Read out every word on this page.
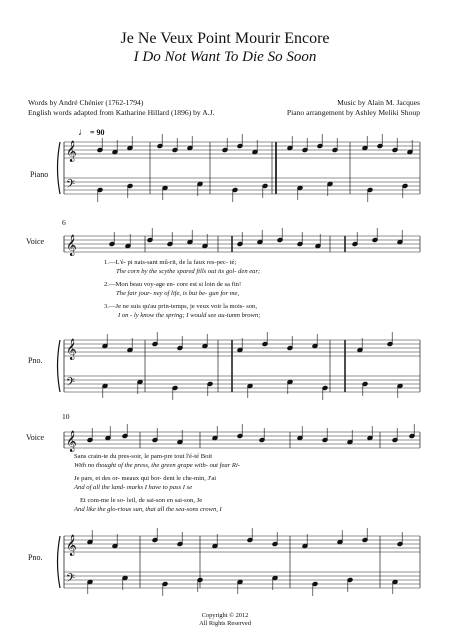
Je Ne Veux Point Mourir Encore
I Do Not Want To Die So Soon
Words by André Chénier (1762-1794)
English words adapted from Katharine Hillard (1896) by A.J.
Music by Alain M. Jacques
Piano arrangement by Ashley Meliki Shoup
♩ = 90
Piano
Voice
Pno.
Voice
Pno.
6
10
1.—L'é- pi nais-sant mû-rit, de la faux res-pec- té;
The corn by the scythe spared fills out its gol- den ear;
2.—Mon beau voy-age en- core est si loin de sa fin!
The fair jour- ney of life, is but be- gun for me,
3.—Je ne suis qu'au prin-temps, je veux voir la mois- son,
I on - ly know the spring; I would see au-tumn brown;
Sans crain-te du pres-soir, le pam-pre tout l'é-té Boit
With no thought of the press, the green grape with- out fear Ri-
Je pars, et des or- meaux qui bor- dent le che-min, J'ai
And of all the land- marks I have to pass I se
Et com-me le so- leil, de sai-son en sai-son, Je
And like the glo-rious sun, that all the sea-sons crown, I
Copyright © 2012
All Rights Reserved
𝄞
𝄢
𝄞
𝄞
𝄢
𝄞
𝄞
𝄢
